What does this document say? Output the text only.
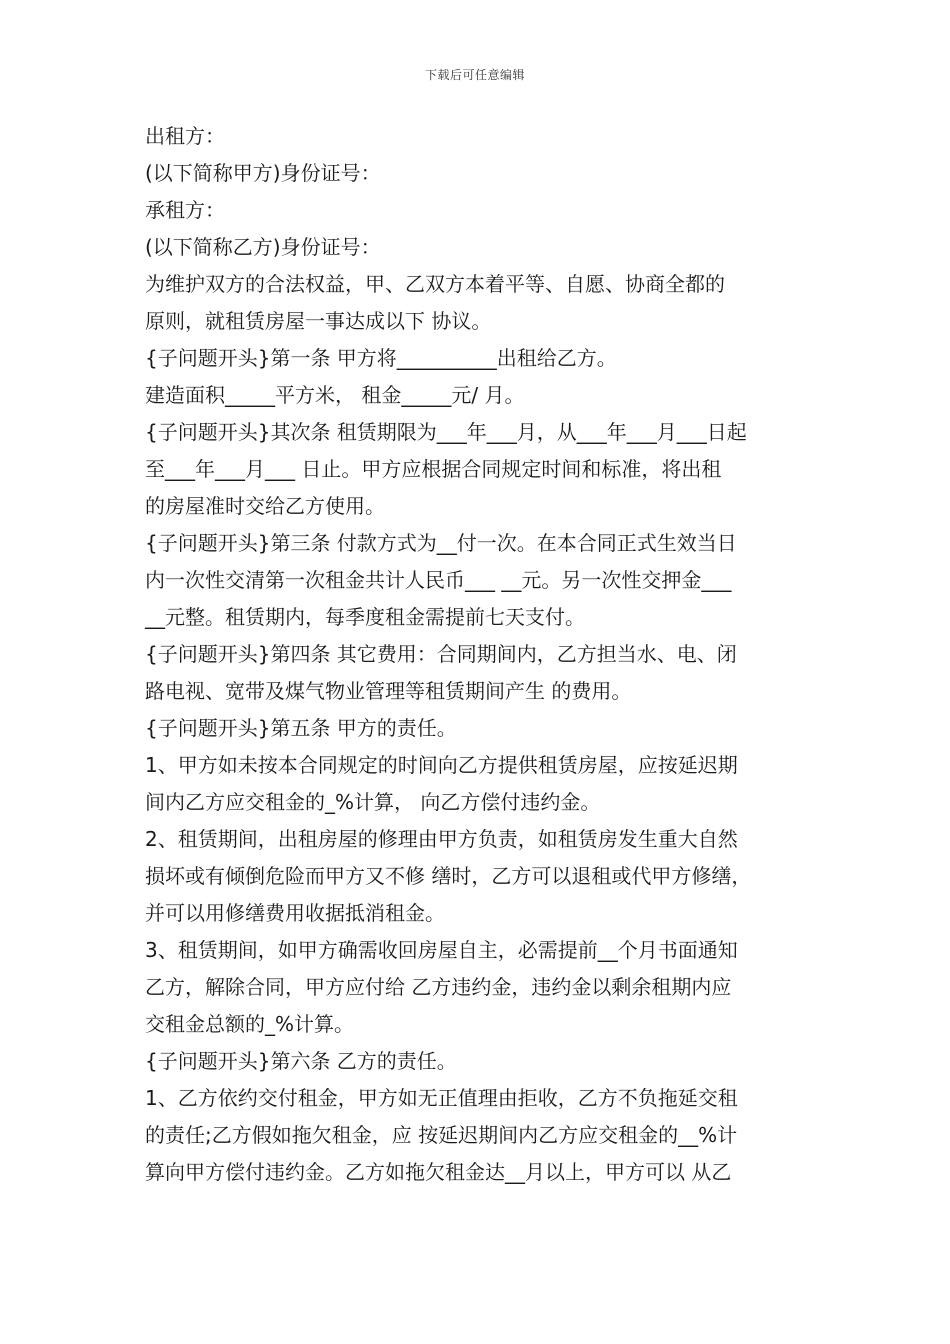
下载后可任意编辑
出租方：
(以下简称甲方)身份证号：
承租方：
(以下简称乙方)身份证号：
为维护双方的合法权益，甲、乙双方本着平等、自愿、协商全都的
原则，就租赁房屋一事达成以下 协议。
{子问题开头}第一条 甲方将__________出租给乙方。
建造面积_____平方米， 租金_____元/ 月。
{子问题开头}其次条 租赁期限为___年___月，从___年___月___日起
至___年___月___ 日止。甲方应根据合同规定时间和标准，将出租
的房屋准时交给乙方使用。
{子问题开头}第三条 付款方式为__付一次。在本合同正式生效当日
内一次性交清第一次租金共计人民币___ __元。另一次性交押金___
__元整。租赁期内，每季度租金需提前七天支付。
{子问题开头}第四条 其它费用：合同期间内，乙方担当水、电、闭
路电视、宽带及煤气物业管理等租赁期间产生 的费用。
{子问题开头}第五条 甲方的责任。
1、甲方如未按本合同规定的时间向乙方提供租赁房屋，应按延迟期
间内乙方应交租金的_%计算， 向乙方偿付违约金。
2、租赁期间，出租房屋的修理由甲方负责，如租赁房发生重大自然
损坏或有倾倒危险而甲方又不修 缮时，乙方可以退租或代甲方修缮，
并可以用修缮费用收据抵消租金。
3、租赁期间，如甲方确需收回房屋自主，必需提前__个月书面通知
乙方，解除合同，甲方应付给 乙方违约金，违约金以剩余租期内应
交租金总额的_%计算。
{子问题开头}第六条 乙方的责任。
1、乙方依约交付租金，甲方如无正值理由拒收，乙方不负拖延交租
的责任;乙方假如拖欠租金，应 按延迟期间内乙方应交租金的__%计
算向甲方偿付违约金。乙方如拖欠租金达__月以上，甲方可以 从乙
